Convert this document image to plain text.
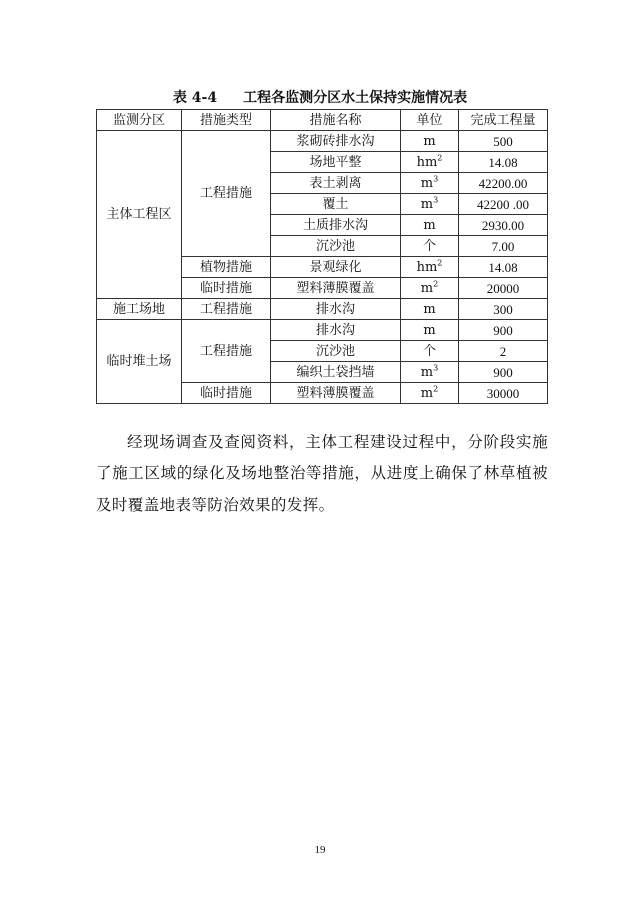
表 4-4 工程各监测分区水土保持实施情况表
监测分区	措施类型	措施名称	单位	完成工程量
主体工程区	工程措施	浆砌砖排水沟	m	500
		场地平整	$hm^2$	14.08
		表土剥离	$m^3$	42200.00
		覆土	$m^3$	42200 .00
		土质排水沟	m	2930.00
		沉沙池	个	7.00
	植物措施	景观绿化	$hm^2$	14.08
	临时措施	塑料薄膜覆盖	$m^2$	20000
施工场地	工程措施	排水沟	m	300
临时堆土场	工程措施	排水沟	m	900
		沉沙池	个	2
		编织土袋挡墙	$m^3$	900
	临时措施	塑料薄膜覆盖	$m^2$	30000

经现场调查及查阅资料，主体工程建设过程中，分阶段实施了施工区域的绿化及场地整治等措施，从进度上确保了林草植被及时覆盖地表等防治效果的发挥。

19
